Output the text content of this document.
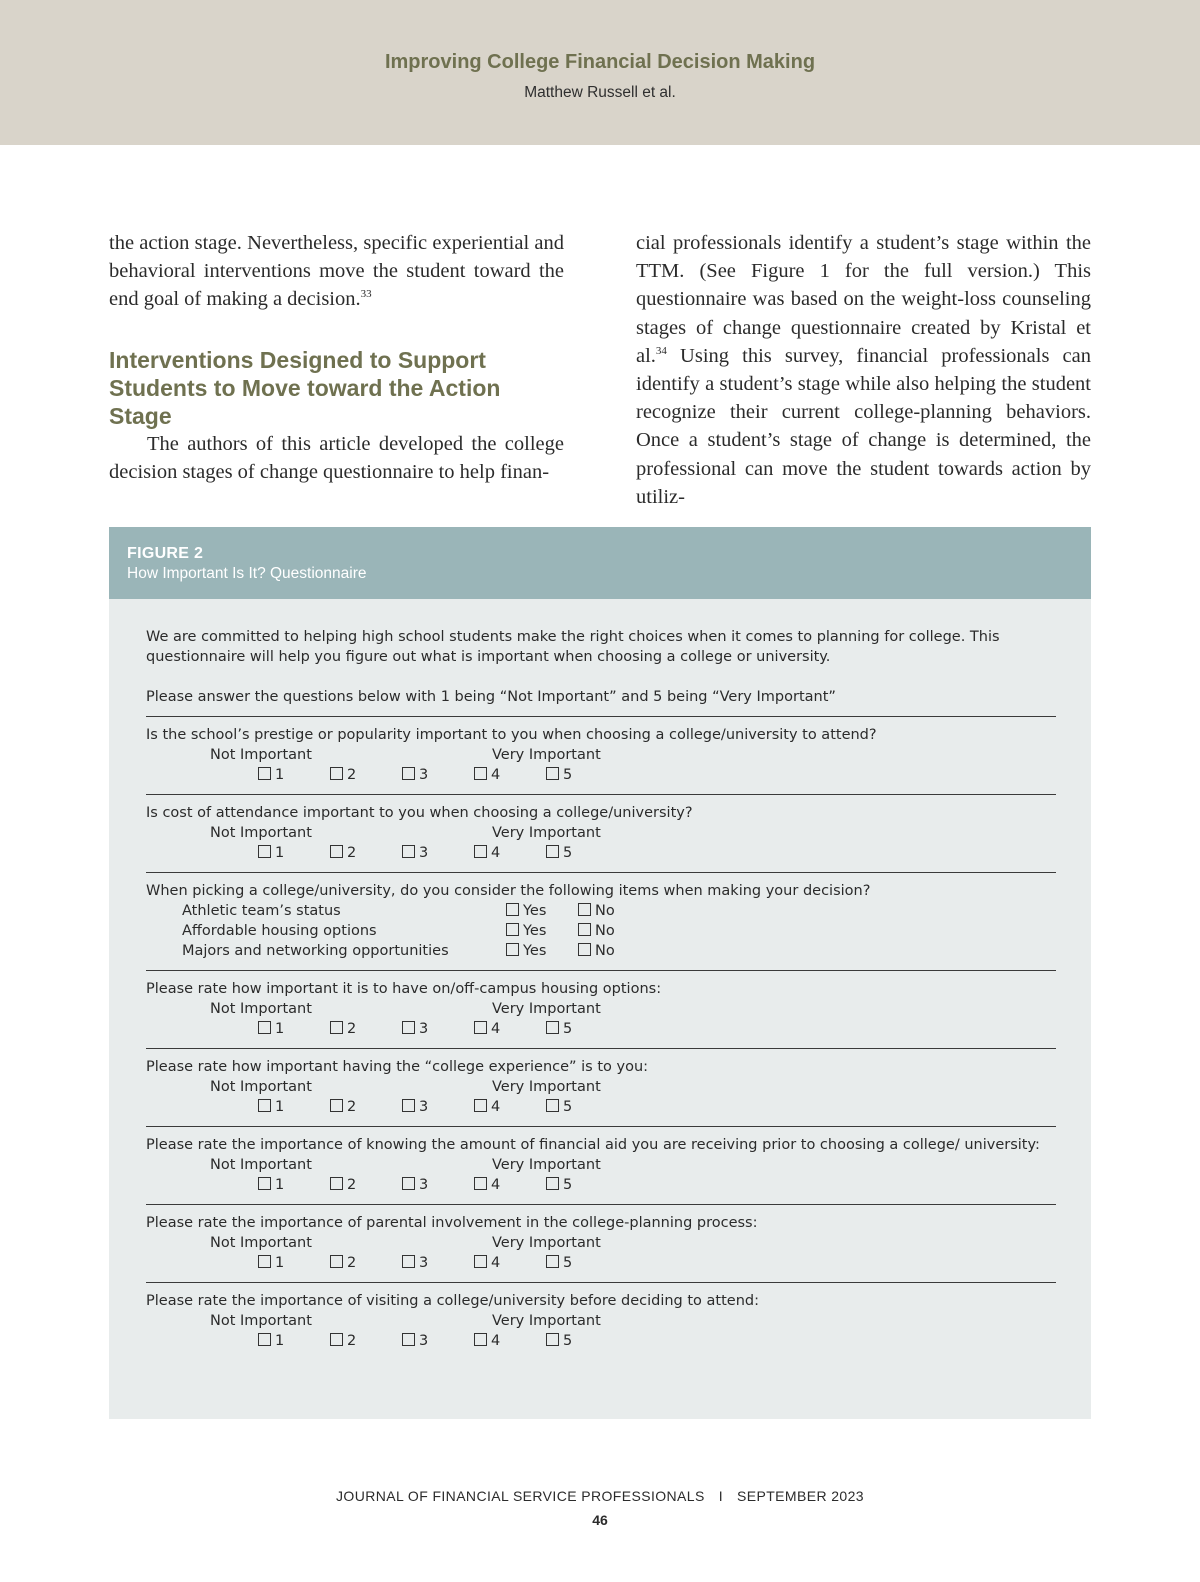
Improving College Financial Decision Making
Matthew Russell et al.

the action stage. Nevertheless, specific experiential and behavioral interventions move the student toward the end goal of making a decision.$^{33}$

Interventions Designed to Support Students to Move toward the Action Stage

The authors of this article developed the college decision stages of change questionnaire to help finan-

cial professionals identify a student’s stage within the TTM. (See Figure 1 for the full version.) This questionnaire was based on the weight-loss counseling stages of change questionnaire created by Kristal et al.$^{34}$ Using this survey, financial professionals can identify a student’s stage while also helping the student recognize their current college-planning behaviors. Once a student’s stage of change is determined, the professional can move the student towards action by utiliz-

FIGURE 2
How Important Is It? Questionnaire

We are committed to helping high school students make the right choices when it comes to planning for college. This questionnaire will help you figure out what is important when choosing a college or university.

Please answer the questions below with 1 being “Not Important” and 5 being “Very Important”

Is the school’s prestige or popularity important to you when choosing a college/university to attend?
Not Important	Very Important
1	2	3	4	5
Is cost of attendance important to you when choosing a college/university?
Not Important	Very Important
1	2	3	4	5
When picking a college/university, do you consider the following items when making your decision?
Athletic team’s status	Yes	No
Affordable housing options	Yes	No
Majors and networking opportunities	Yes	No
Please rate how important it is to have on/off-campus housing options:
Not Important	Very Important
1	2	3	4	5
Please rate how important having the “college experience” is to you:
Not Important	Very Important
1	2	3	4	5
Please rate the importance of knowing the amount of financial aid you are receiving prior to choosing a college/ university:
Not Important	Very Important
1	2	3	4	5
Please rate the importance of parental involvement in the college-planning process:
Not Important	Very Important
1	2	3	4	5
Please rate the importance of visiting a college/university before deciding to attend:
Not Important	Very Important
1	2	3	4	5
JOURNAL OF FINANCIAL SERVICE PROFESSIONALS I SEPTEMBER 2023
46
